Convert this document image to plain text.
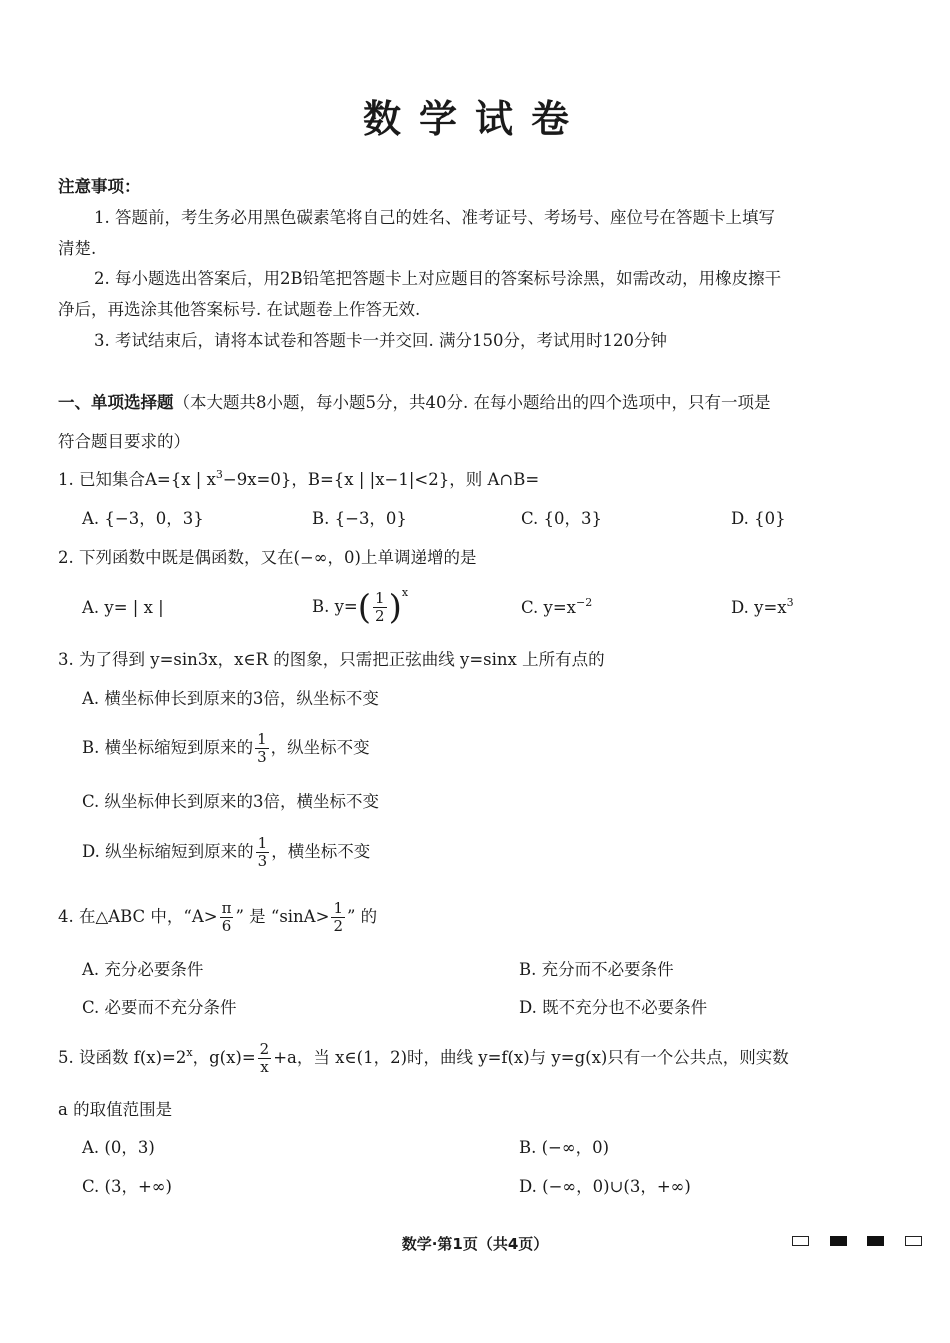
数学试卷
注意事项：
1. 答题前，考生务必用黑色碳素笔将自己的姓名、准考证号、考场号、座位号在答题卡上填写
清楚.
2. 每小题选出答案后，用2B铅笔把答题卡上对应题目的答案标号涂黑，如需改动，用橡皮擦干
净后，再选涂其他答案标号. 在试题卷上作答无效.
3. 考试结束后，请将本试卷和答题卡一并交回. 满分150分，考试用时120分钟
一、单项选择题（本大题共8小题，每小题5分，共40分. 在每小题给出的四个选项中，只有一项是
符合题目要求的）
1. 已知集合A={x | $x^3-9x=0$}，B={x | |x−1|<2}，则 A∩B=
A. {−3，0，3}	B. {−3，0}	C. {0，3}	D. {0}
2. 下列函数中既是偶函数，又在(−∞，0)上单调递增的是
A. y= | x |	B. $y=( \frac{1}{2} )^x$
C. $y=x^{-2}$	D. $y=x^3$
3. 为了得到 y=sin3x，x∈R 的图象，只需把正弦曲线 y=sinx 上所有点的
A. 横坐标伸长到原来的3倍，纵坐标不变
B. 横坐标缩短到原来的 $\frac{1}{3}$ ，纵坐标不变
C. 纵坐标伸长到原来的3倍，横坐标不变
D. 纵坐标缩短到原来的 $\frac{1}{3}$ ，横坐标不变
4. 在△ABC 中，“$A> \frac{\pi}{6}$ ” 是 “$\sin A> \frac{1}{2}$ ” 的
A. 充分必要条件	B. 充分而不必要条件
C. 必要而不充分条件	D. 既不充分也不必要条件
5. 设函数 $f(x)=2^x$，$g(x)= \frac{2}{x} +a$，当 x∈(1，2)时，曲线 y=f(x)与 y=g(x)只有一个公共点，则实数
a 的取值范围是
A. (0，3)	B. (−∞，0)
C. (3，+∞)	D. (−∞，0)∪(3，+∞)
数学·第1页（共4页）
